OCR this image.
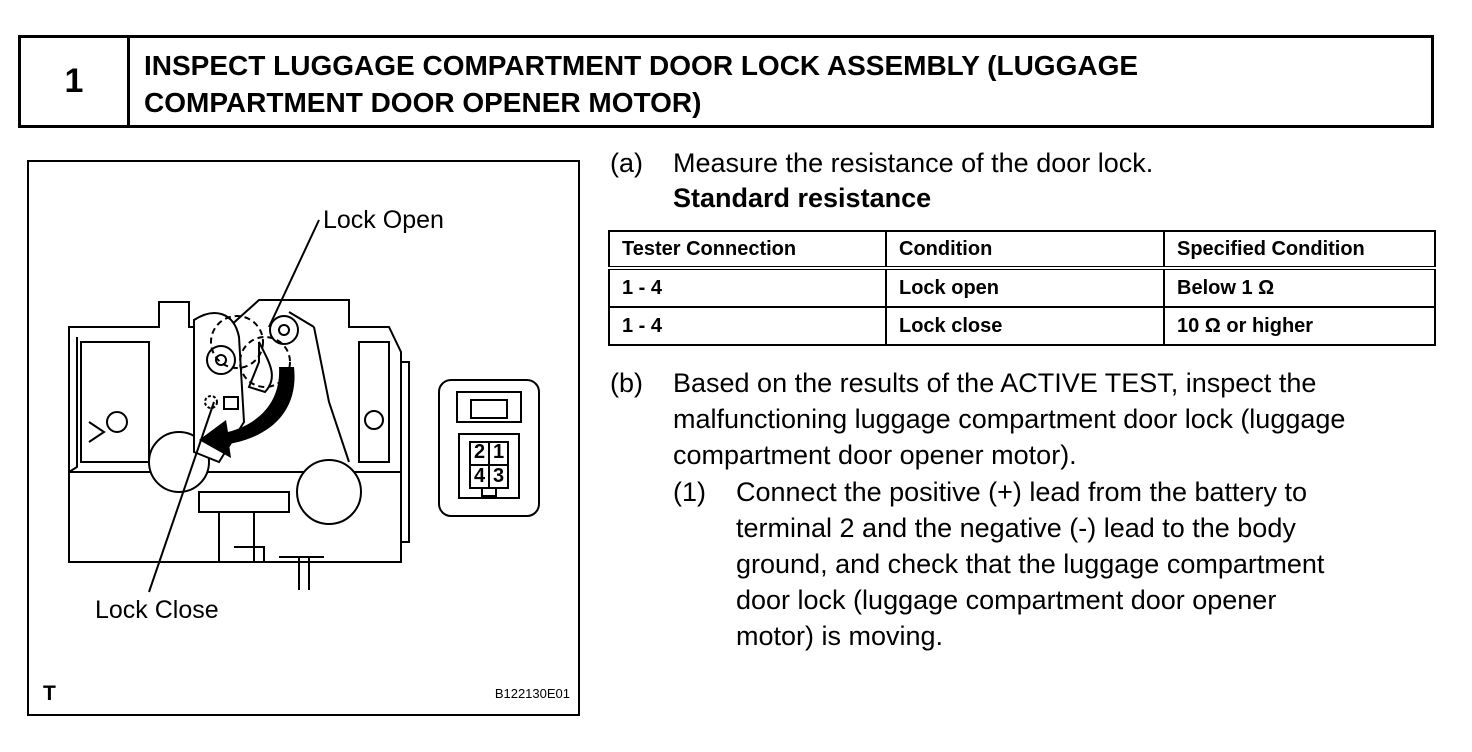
1	INSPECT LUGGAGE COMPARTMENT DOOR LOCK ASSEMBLY (LUGGAGE
COMPARTMENT DOOR OPENER MOTOR)
Lock Open
Lock Close
2 1
4 3
T	B122130E01
(a) Measure the resistance of the door lock.
Standard resistance
Tester Connection	Condition	Specified Condition
1 - 4	Lock open	Below 1 Ω
1 - 4	Lock close	10 Ω or higher
(b) Based on the results of the ACTIVE TEST, inspect the
malfunctioning luggage compartment door lock (luggage
compartment door opener motor).
(1) Connect the positive (+) lead from the battery to
terminal 2 and the negative (-) lead to the body
ground, and check that the luggage compartment
door lock (luggage compartment door opener
motor) is moving.
